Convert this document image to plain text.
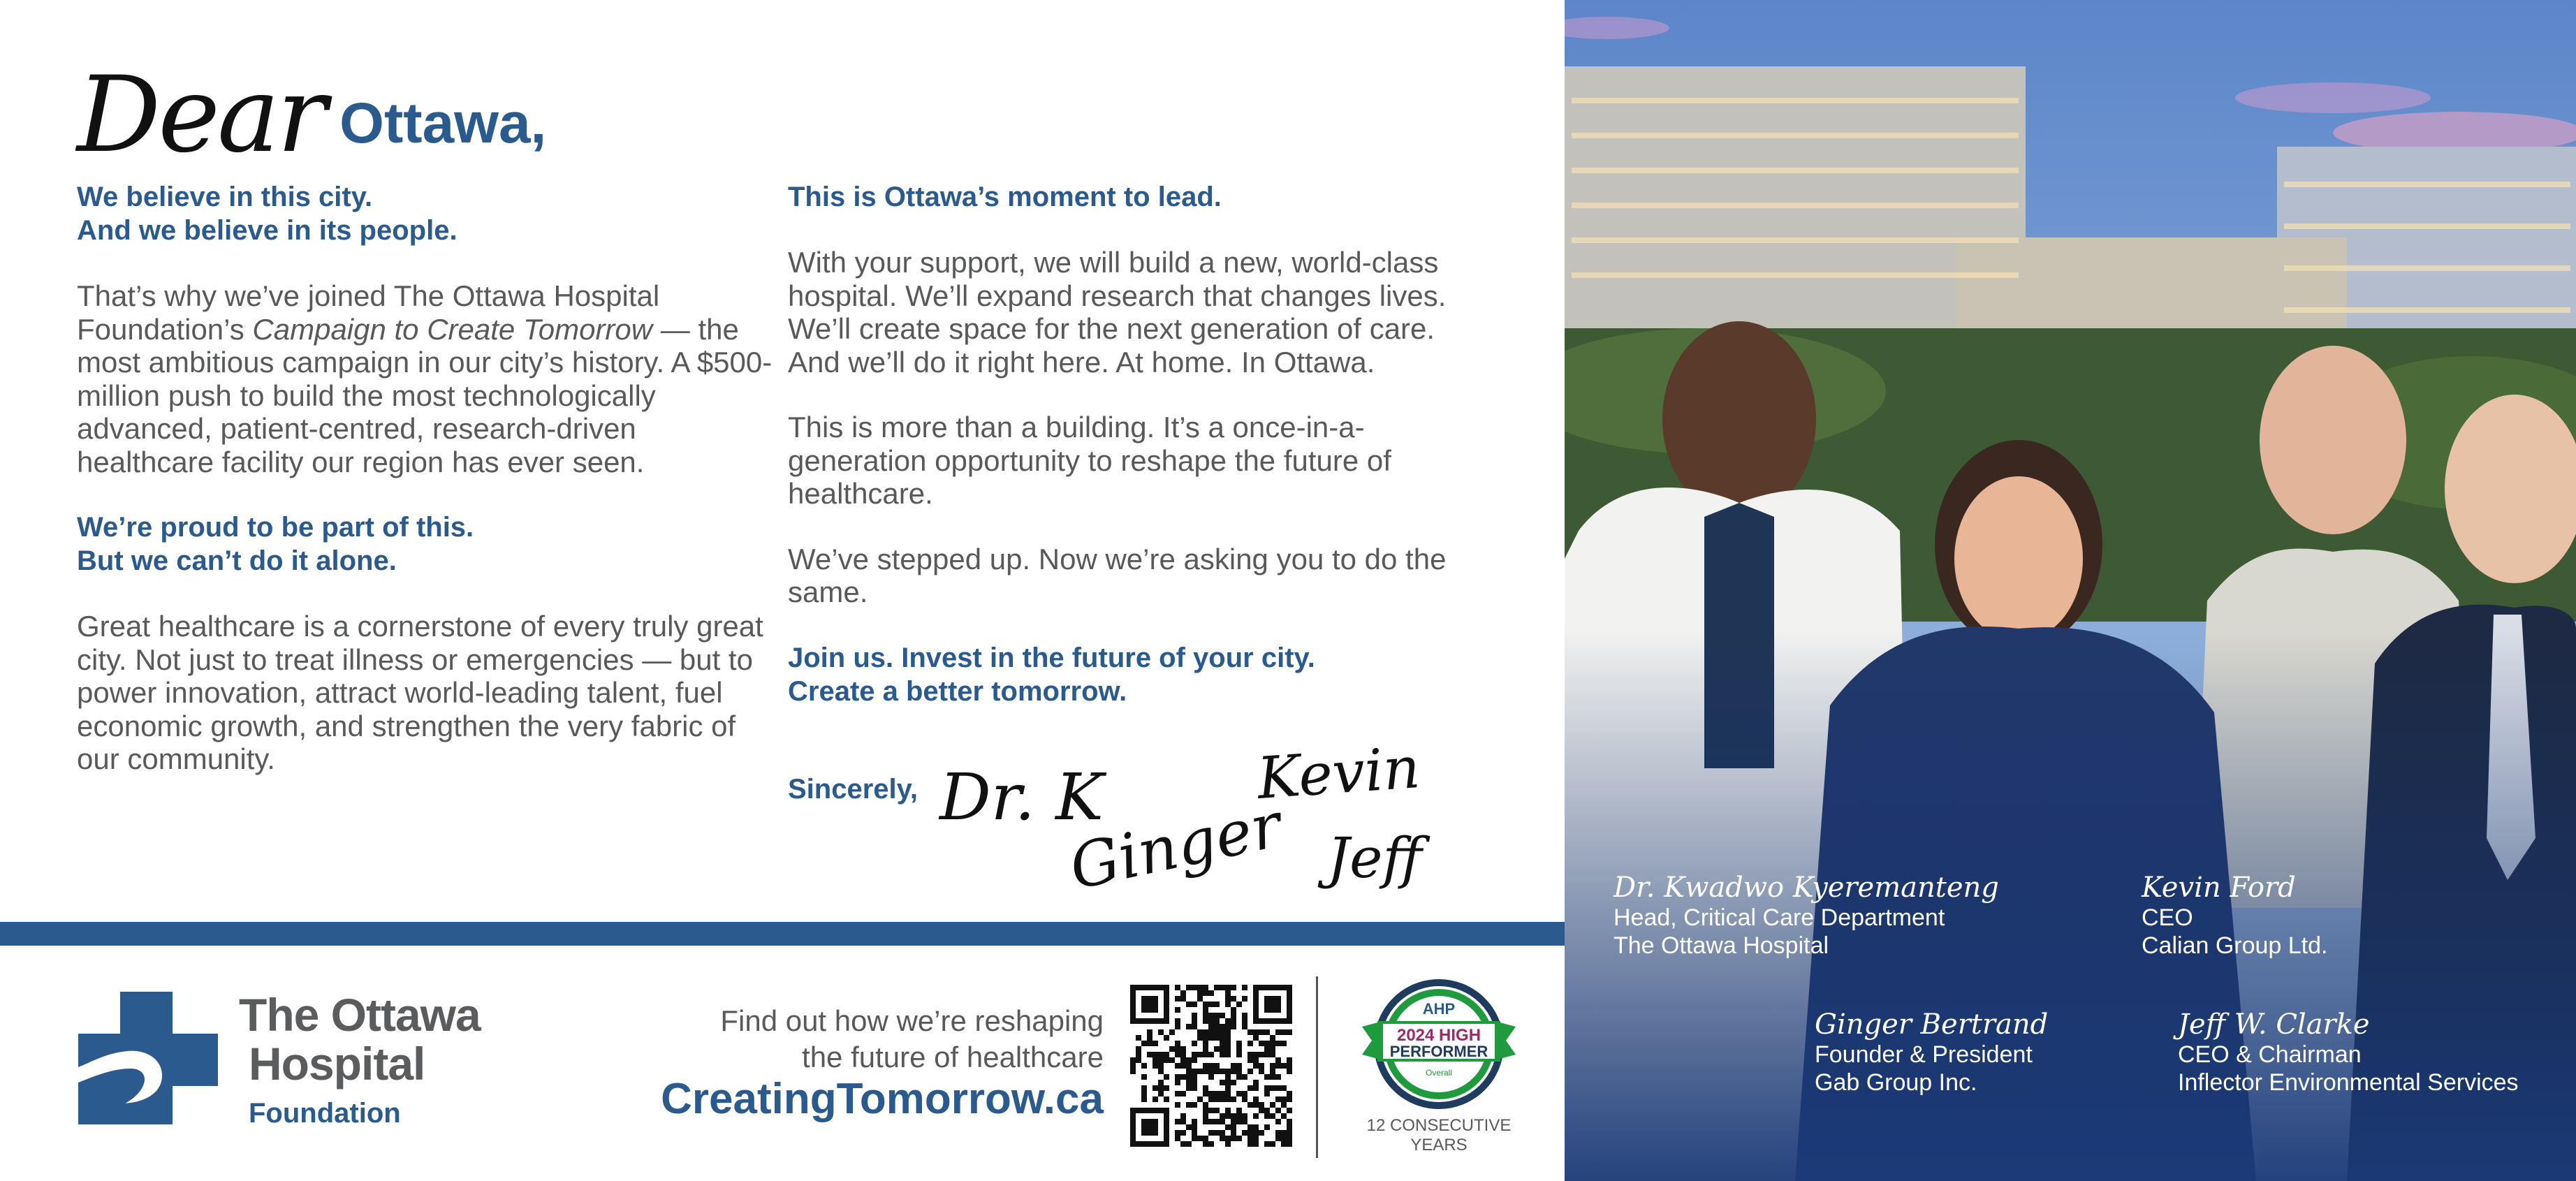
Dear Ottawa,

We believe in this city.

And we believe in its people.

That’s why we’ve joined The Ottawa Hospital Foundation’s Campaign to Create Tomorrow — the most ambitious campaign in our city’s history. A $500-million push to build the most technologically advanced, patient-centred, research-driven healthcare facility our region has ever seen.

We’re proud to be part of this.

But we can’t do it alone.

Great healthcare is a cornerstone of every truly great city. Not just to treat illness or emergencies — but to power innovation, attract world-leading talent, fuel economic growth, and strengthen the very fabric of our community.

This is Ottawa’s moment to lead.

With your support, we will build a new, world-class hospital. We’ll expand research that changes lives. We’ll create space for the next generation of care. And we’ll do it right here. At home. In Ottawa.

This is more than a building. It’s a once-in-a-generation opportunity to reshape the future of healthcare.

We’ve stepped up. Now we’re asking you to do the same.

Join us. Invest in the future of your city.

Create a better tomorrow.

Sincerely, Dr. K
Ginger
Kevin
Jeff
The Ottawa
Hospital
Foundation
Find out how we’re reshaping
the future of healthcare
CreatingTomorrow.ca
AHP
2024 HIGH
PERFORMER
Overall
12 CONSECUTIVE YEARS
Dr. Kwadwo Kyeremanteng
Head, Critical Care Department
The Ottawa Hospital
Kevin Ford
CEO
Calian Group Ltd.
Ginger Bertrand
Founder & President
Gab Group Inc.
Jeff W. Clarke
CEO & Chairman
Inflector Environmental Services
